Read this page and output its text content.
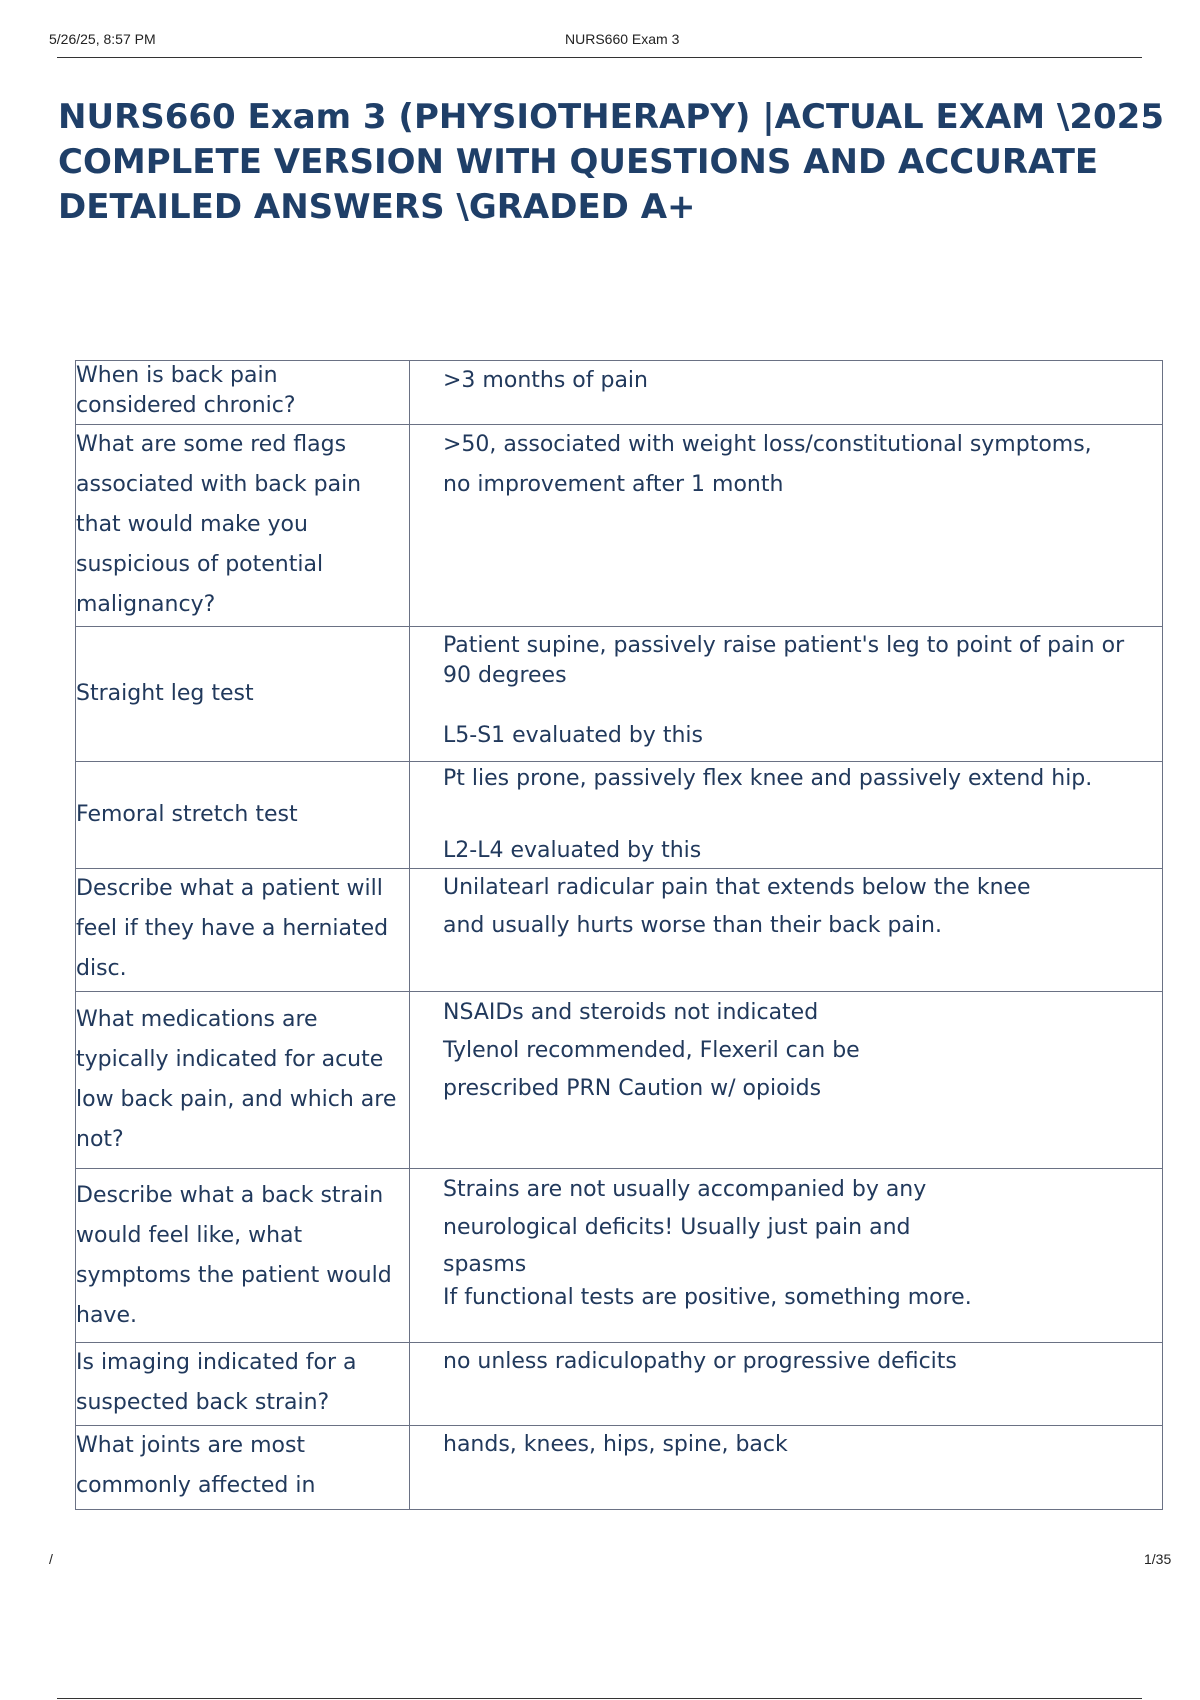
5/26/25, 8:57 PM	NURS660 Exam 3
NURS660 Exam 3 (PHYSIOTHERAPY) |ACTUAL EXAM \2025 COMPLETE VERSION WITH QUESTIONS AND ACCURATE DETAILED ANSWERS \GRADED A+
When is back pain considered chronic?	>3 months of pain

What are some red flags associated with back pain that would make you suspicious of potential malignancy?	>50, associated with weight loss/constitutional symptoms,
no improvement after 1 month

Straight leg test	Patient supine, passively raise patient's leg to point of pain or 90 degrees
L5-S1 evaluated by this

Femoral stretch test	Pt lies prone, passively flex knee and passively extend hip.
L2-L4 evaluated by this

Describe what a patient will feel if they have a herniated disc.	Unilatearl radicular pain that extends below the knee
and usually hurts worse than their back pain.

What medications are typically indicated for acute low back pain, and which are not?	NSAIDs and steroids not indicated
Tylenol recommended, Flexeril can be
prescribed PRN Caution w/ opioids

Describe what a back strain would feel like, what symptoms the patient would have.	Strains are not usually accompanied by any
neurological deficits! Usually just pain and
spasms
If functional tests are positive, something more.

Is imaging indicated for a suspected back strain?	no unless radiculopathy or progressive deficits

What joints are most commonly affected in	hands, knees, hips, spine, back
/	1/35
